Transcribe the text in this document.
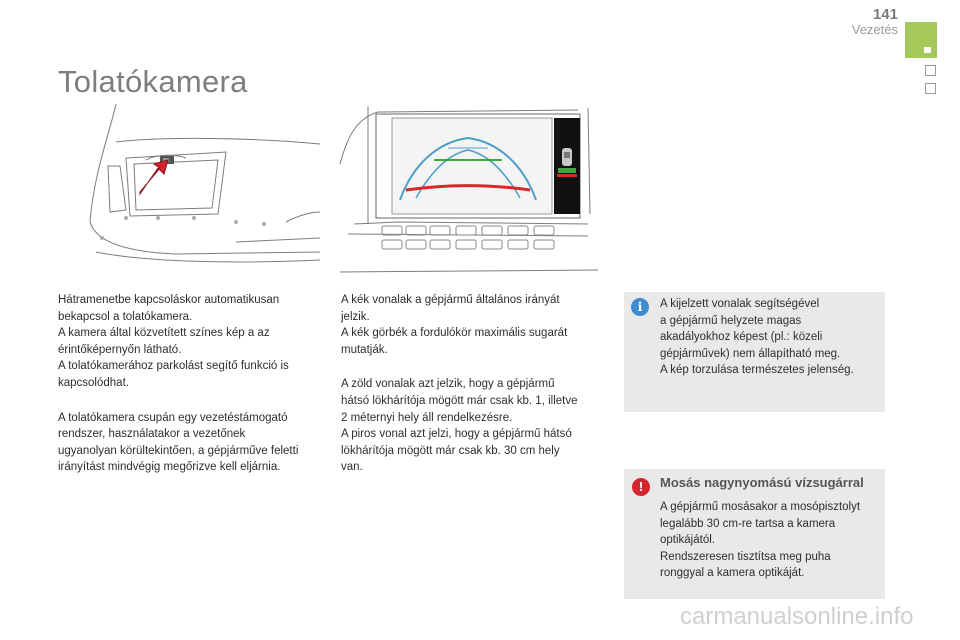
141
Vezetés
Tolatókamera

Hátramenetbe kapcsoláskor automatikusan
bekapcsol a tolatókamera.
A kamera által közvetített színes kép a az
érintőképernyőn látható.
A tolatókamerához parkolást segítő funkció is
kapcsolódhat.

A tolatókamera csupán egy vezetéstámogató
rendszer, használatakor a vezetőnek
ugyanolyan körültekintően, a gépjárműve feletti
irányítást mindvégig megőrizve kell eljárnia.

A kék vonalak a gépjármű általános irányát
jelzik.
A kék görbék a fordulókör maximális sugarát
mutatják.

A zöld vonalak azt jelzik, hogy a gépjármű
hátsó lökhárítója mögött már csak kb. 1, illetve
2 méternyi hely áll rendelkezésre.
A piros vonal azt jelzi, hogy a gépjármű hátsó
lökhárítója mögött már csak kb. 30 cm hely
van.

i	A kijelzett vonalak segítségével
a gépjármű helyzete magas
akadályokhoz képest (pl.: közeli
gépjárművek) nem állapítható meg.
A kép torzulása természetes jelenség.
!	Mosás nagynyomású vízsugárral
A gépjármű mosásakor a mosópisztolyt
legalább 30 cm-re tartsa a kamera
optikájától.
Rendszeresen tisztítsa meg puha
ronggyal a kamera optikáját.
carmanualsonline.info
